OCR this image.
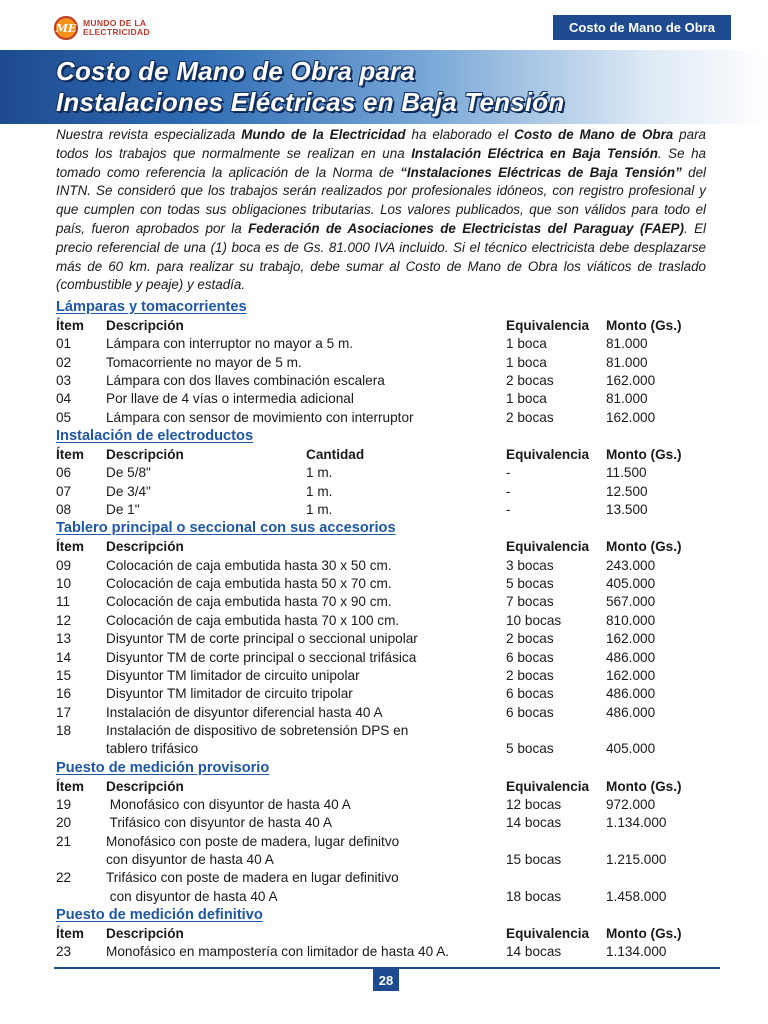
ME MUNDO DE LA
ELECTRICIDAD	Costo de Mano de Obra
Costo de Mano de Obra para
Instalaciones Eléctricas en Baja Tensión

Nuestra revista especializada Mundo de la Electricidad ha elaborado el Costo de Mano de Obra para todos los trabajos que normalmente se realizan en una Instalación Eléctrica en Baja Tensión. Se ha tomado como referencia la aplicación de la Norma de “Instalaciones Eléctricas de Baja Tensión” del INTN. Se consideró que los trabajos serán realizados por profesionales idóneos, con registro profesional y que cumplen con todas sus obligaciones tributarias. Los valores publicados, que son válidos para todo el país, fueron aprobados por la Federación de Asociaciones de Electricistas del Paraguay (FAEP). El precio referencial de una (1) boca es de Gs. 81.000 IVA incluido. Si el técnico electricista debe desplazarse más de 60 km. para realizar su trabajo, debe sumar al Costo de Mano de Obra los viáticos de traslado (combustible y peaje) y estadía.

Lámparas y tomacorrientes
Ítem Descripción	Equivalencia Monto (Gs.)
01	Lámpara con interruptor no mayor a 5 m.	1 boca	81.000
02	Tomacorriente no mayor de 5 m.	1 boca	81.000
03	Lámpara con dos llaves combinación escalera	2 bocas	162.000
04	Por llave de 4 vías o intermedia adicional	1 boca	81.000
05	Lámpara con sensor de movimiento con interruptor	2 bocas	162.000
Instalación de electroductos
Ítem Descripción	Cantidad	Equivalencia Monto (Gs.)
06	De 5/8"	1 m.	-	11.500
07	De 3/4"	1 m.	-	12.500
08	De 1"	1 m.	-	13.500
Tablero principal o seccional con sus accesorios
Ítem Descripción	Equivalencia Monto (Gs.)
09	Colocación de caja embutida hasta 30 x 50 cm.	3 bocas	243.000
10	Colocación de caja embutida hasta 50 x 70 cm.	5 bocas	405.000
11	Colocación de caja embutida hasta 70 x 90 cm.	7 bocas	567.000
12	Colocación de caja embutida hasta 70 x 100 cm.	10 bocas	810.000
13	Disyuntor TM de corte principal o seccional unipolar	2 bocas	162.000
14	Disyuntor TM de corte principal o seccional trifásica	6 bocas	486.000
15	Disyuntor TM limitador de circuito unipolar	2 bocas	162.000
16	Disyuntor TM limitador de circuito tripolar	6 bocas	486.000
17	Instalación de disyuntor diferencial hasta 40 A	6 bocas	486.000
18	Instalación de dispositivo de sobretensión DPS en
tablero trifásico	5 bocas	405.000
Puesto de medición provisorio
Ítem Descripción	Equivalencia Monto (Gs.)
19	Monofásico con disyuntor de hasta 40 A	12 bocas	972.000
20	Trifásico con disyuntor de hasta 40 A	14 bocas	1.134.000
21	Monofásico con poste de madera, lugar definitvo
con disyuntor de hasta 40 A	15 bocas	1.215.000
22	Trifásico con poste de madera en lugar definitivo
con disyuntor de hasta 40 A	18 bocas	1.458.000
Puesto de medición definitivo
Ítem Descripción	Equivalencia Monto (Gs.)
23	Monofásico en mampostería con limitador de hasta 40 A.	14 bocas	1.134.000
28
